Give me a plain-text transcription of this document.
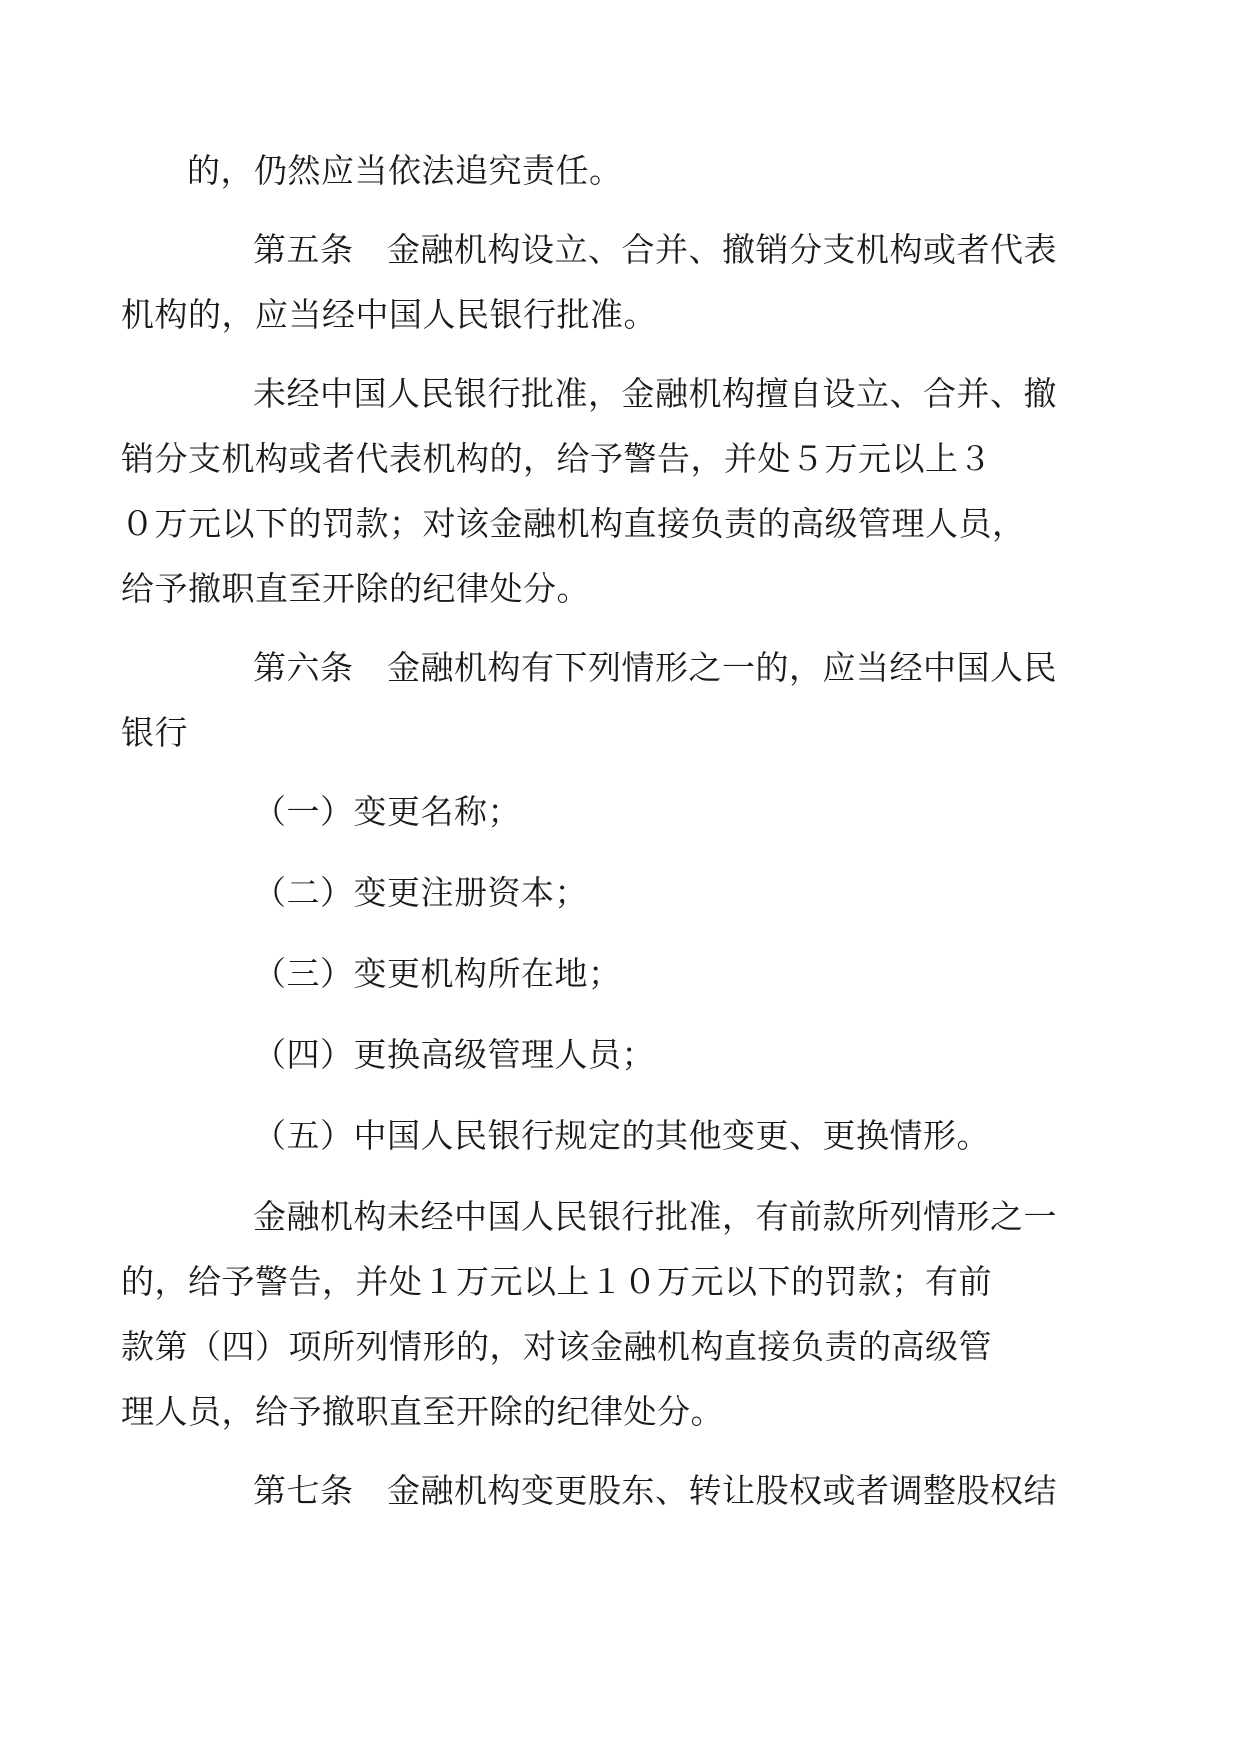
的，仍然应当依法追究责任。

第五条　金融机构设立、合并、撤销分支机构或者代表
机构的，应当经中国人民银行批准。

未经中国人民银行批准，金融机构擅自设立、合并、撤
销分支机构或者代表机构的，给予警告，并处５万元以上３
０万元以下的罚款；对该金融机构直接负责的高级管理人员，
给予撤职直至开除的纪律处分。

第六条　金融机构有下列情形之一的，应当经中国人民
银行

（一）变更名称；

（二）变更注册资本；

（三）变更机构所在地；

（四）更换高级管理人员；

（五）中国人民银行规定的其他变更、更换情形。

金融机构未经中国人民银行批准，有前款所列情形之一
的，给予警告，并处１万元以上１０万元以下的罚款；有前
款第（四）项所列情形的，对该金融机构直接负责的高级管
理人员，给予撤职直至开除的纪律处分。

第七条　金融机构变更股东、转让股权或者调整股权结
